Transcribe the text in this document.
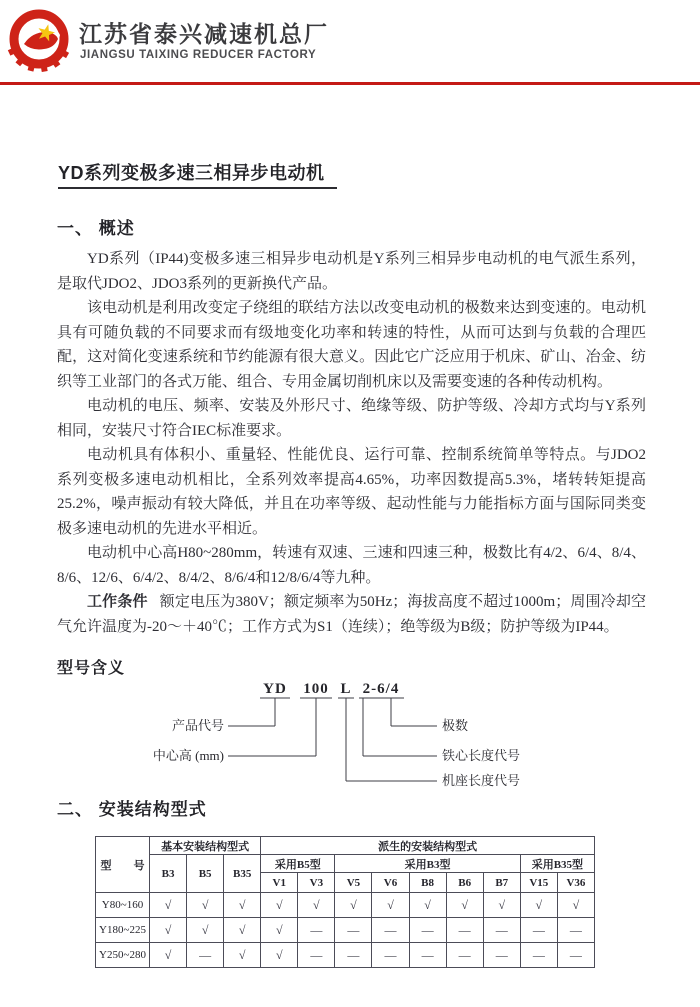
江苏省泰兴减速机总厂
JIANGSU TAIXING REDUCER FACTORY
YD系列变极多速三相异步电动机
一、 概述

YD系列（IP44)变极多速三相异步电动机是Y系列三相异步电动机的电气派生系列，是取代JDO2、JDO3系列的更新换代产品。

该电动机是利用改变定子绕组的联结方法以改变电动机的极数来达到变速的。电动机具有可随负载的不同要求而有级地变化功率和转速的特性，从而可达到与负载的合理匹配，这对简化变速系统和节约能源有很大意义。因此它广泛应用于机床、矿山、冶金、纺织等工业部门的各式万能、组合、专用金属切削机床以及需要变速的各种传动机构。

电动机的电压、频率、安装及外形尺寸、绝缘等级、防护等级、冷却方式均与Y系列相同，安装尺寸符合IEC标准要求。

电动机具有体积小、重量轻、性能优良、运行可靠、控制系统简单等特点。与JDO2系列变极多速电动机相比，全系列效率提高4.65%，功率因数提高5.3%，堵转转矩提高25.2%，噪声振动有较大降低，并且在功率等级、起动性能与力能指标方面与国际同类变极多速电动机的先进水平相近。

电动机中心高H80~280mm，转速有双速、三速和四速三种，极数比有4/2、6/4、8/4、8/6、12/6、6/4/2、8/4/2、8/6/4和12/8/6/4等九种。

工作条件 额定电压为380V；额定频率为50Hz；海拔高度不超过1000m；周围冷却空气允许温度为-20～＋40℃；工作方式为S1（连续）；绝等级为B级；防护等级为IP44。

型号含义
YD 100 L 2-6/4
产品代号
中心高 (mm)
极数
铁心长度代号
机座长度代号
二、 安装结构型式
型　　号	基本安装结构型式			派生的安装结构型式								
	B3	B5	B35	采用B5型		采用B3型					采用B35型	
				V1	V3	V5	V6	B8	B6	B7	V15	V36
Y80~160	√	√	√	√	√	√	√	√	√	√	√	√
Y180~225	√	√	√	√	—	—	—	—	—	—	—	—
Y250~280	√	—	√	√	—	—	—	—	—	—	—	—
